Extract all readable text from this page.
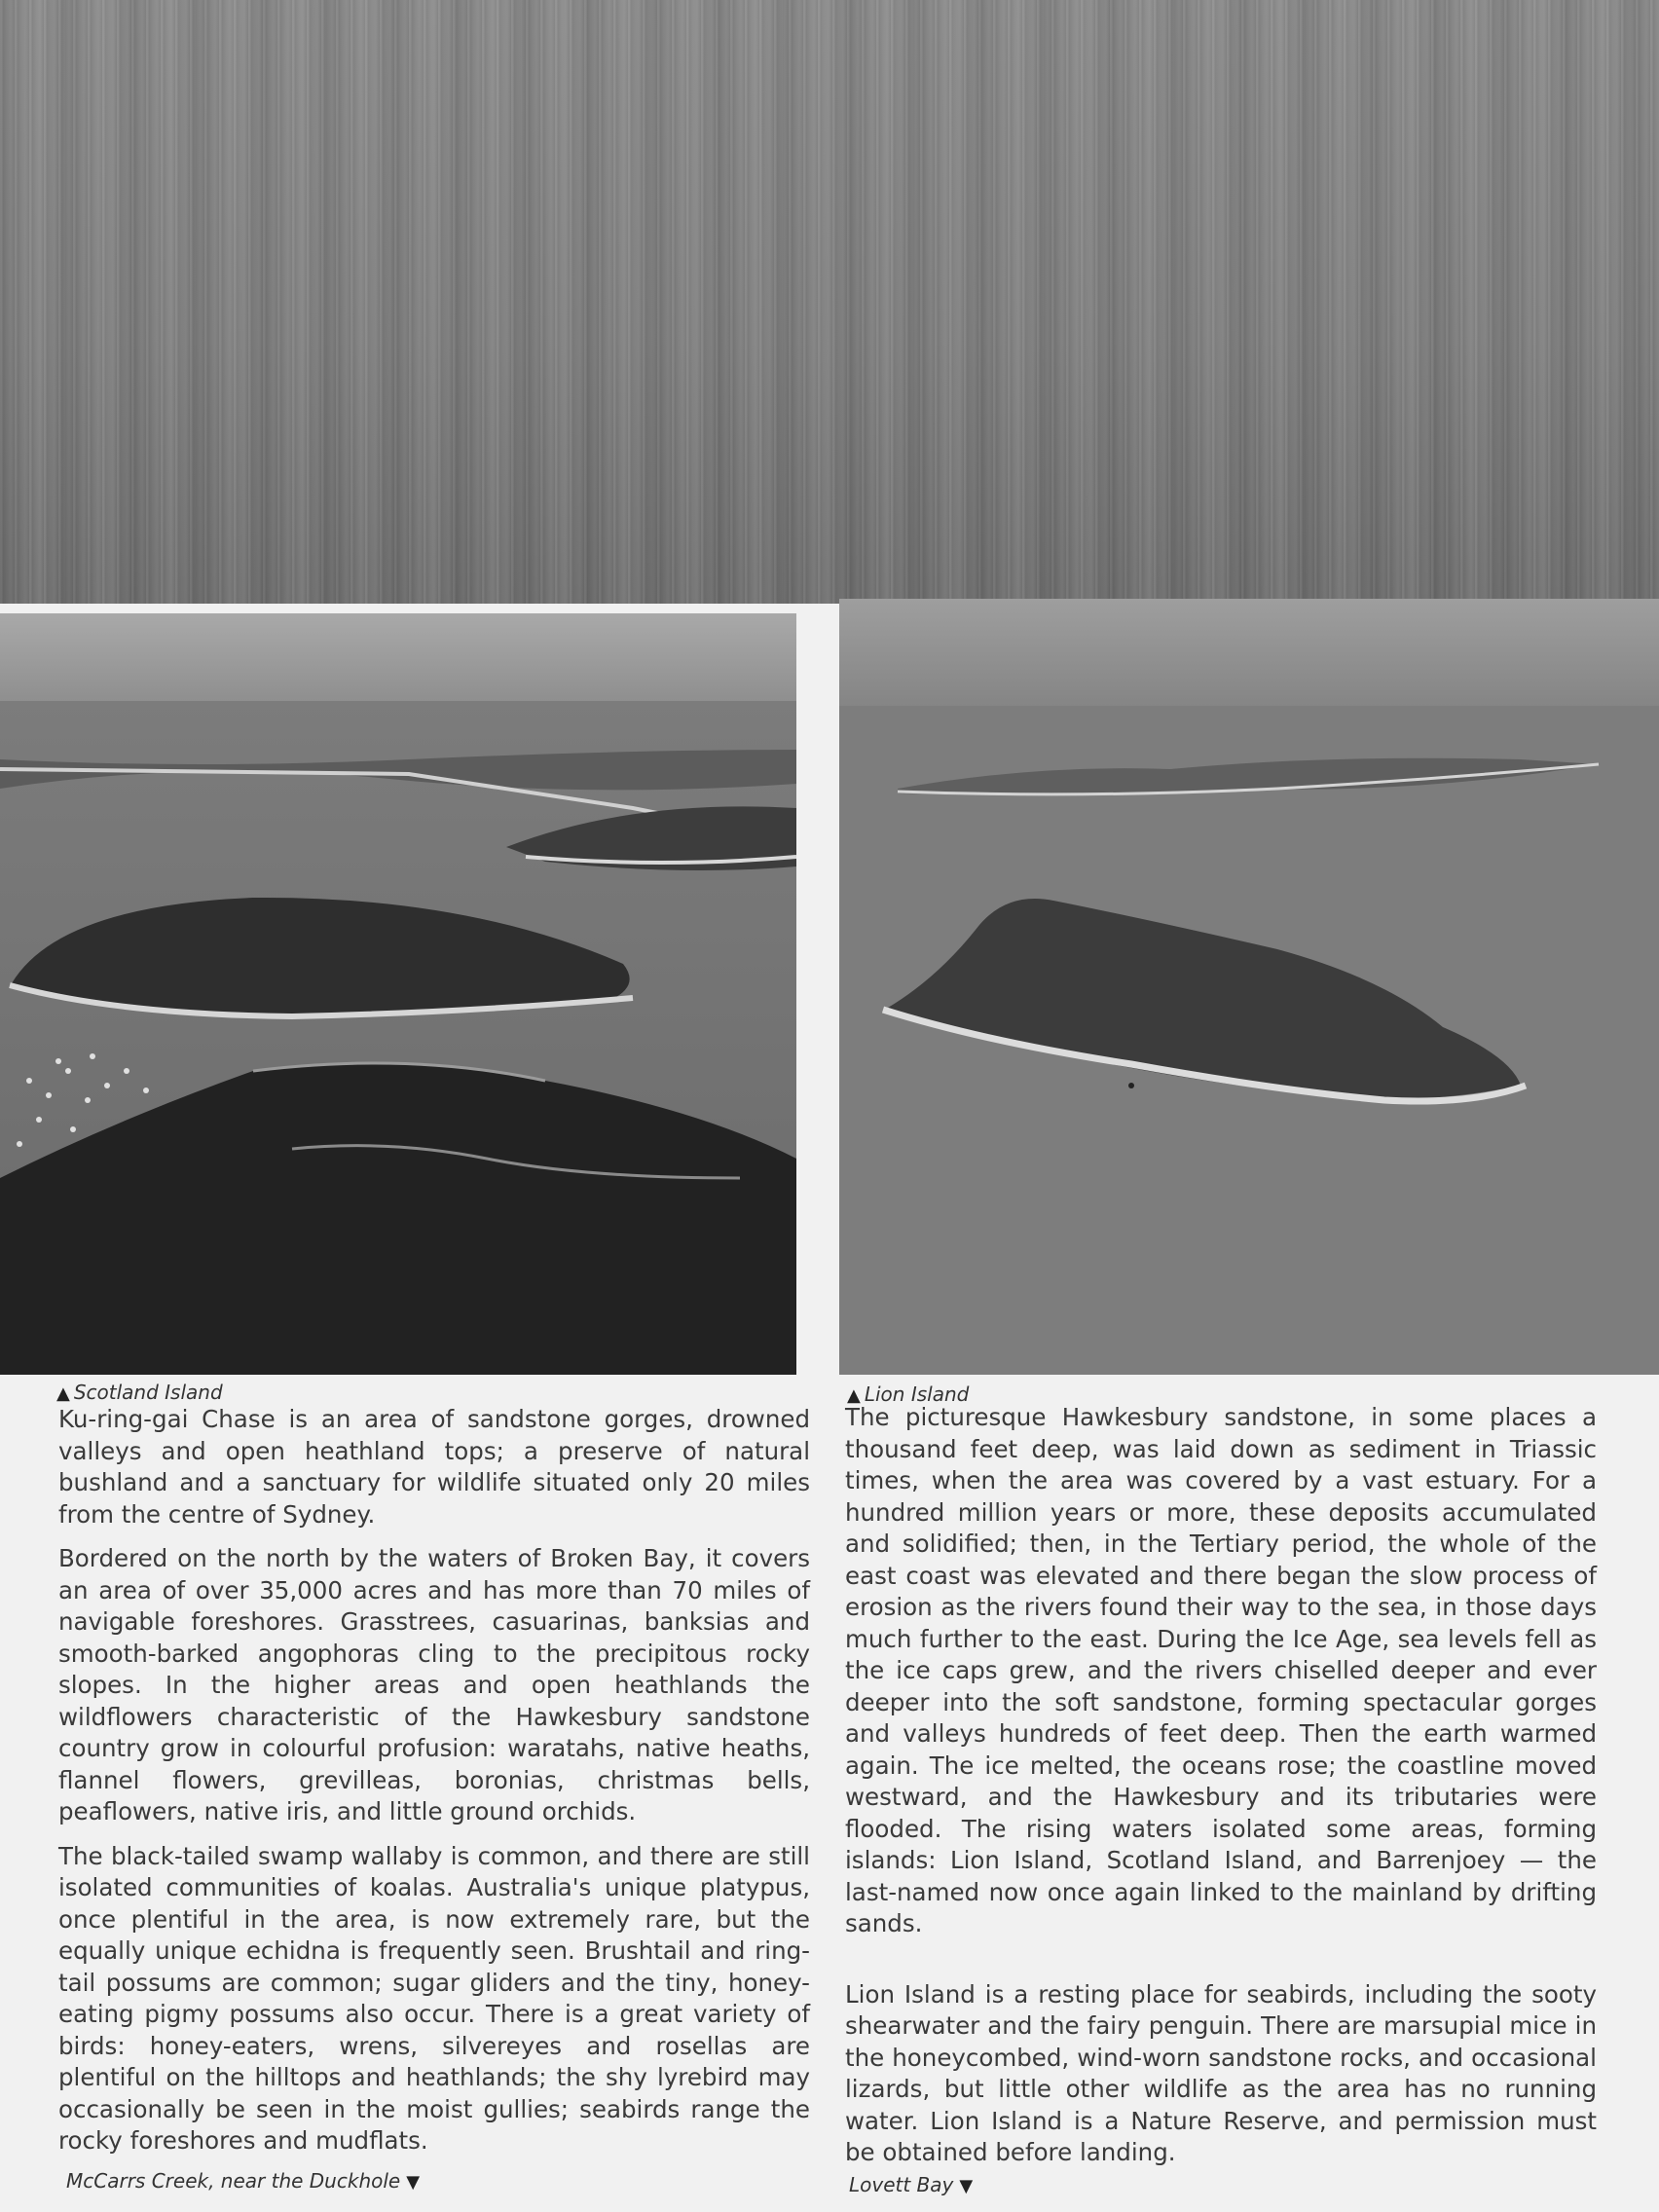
▲ Scotland Island	▲ Lion Island

Ku-ring-gai Chase is an area of sandstone gorges, drowned valleys and open heathland tops; a preserve of natural bushland and a sanctuary for wildlife situated only 20 miles from the centre of Sydney.

Bordered on the north by the waters of Broken Bay, it covers an area of over 35,000 acres and has more than 70 miles of navigable foreshores. Grasstrees, casuarinas, banksias and smooth-barked angophoras cling to the precipitous rocky slopes. In the higher areas and open heathlands the wildflowers characteristic of the Hawkesbury sandstone country grow in colourful profusion: waratahs, native heaths, flannel flowers, grevilleas, boronias, christmas bells, peaflowers, native iris, and little ground orchids.

The black-tailed swamp wallaby is common, and there are still isolated communities of koalas. Australia's unique platypus, once plentiful in the area, is now extremely rare, but the equally unique echidna is frequently seen. Brushtail and ring-tail possums are common; sugar gliders and the tiny, honey-eating pigmy possums also occur. There is a great variety of birds: honey-eaters, wrens, silvereyes and rosellas are plentiful on the hilltops and heathlands; the shy lyrebird may occasionally be seen in the moist gullies; seabirds range the rocky foreshores and mudflats.

The picturesque Hawkesbury sandstone, in some places a thousand feet deep, was laid down as sediment in Triassic times, when the area was covered by a vast estuary. For a hundred million years or more, these deposits accumulated and solidified; then, in the Tertiary period, the whole of the east coast was elevated and there began the slow process of erosion as the rivers found their way to the sea, in those days much further to the east. During the Ice Age, sea levels fell as the ice caps grew, and the rivers chiselled deeper and ever deeper into the soft sandstone, forming spectacular gorges and valleys hundreds of feet deep. Then the earth warmed again. The ice melted, the oceans rose; the coastline moved westward, and the Hawkesbury and its tributaries were flooded. The rising waters isolated some areas, forming islands: Lion Island, Scotland Island, and Barrenjoey — the last-named now once again linked to the mainland by drifting sands.

Lion Island is a resting place for seabirds, including the sooty shearwater and the fairy penguin. There are marsupial mice in the honeycombed, wind-worn sandstone rocks, and occasional lizards, but little other wildlife as the area has no running water. Lion Island is a Nature Reserve, and permission must be obtained before landing.

McCarrs Creek, near the Duckhole ▼	Lovett Bay ▼
